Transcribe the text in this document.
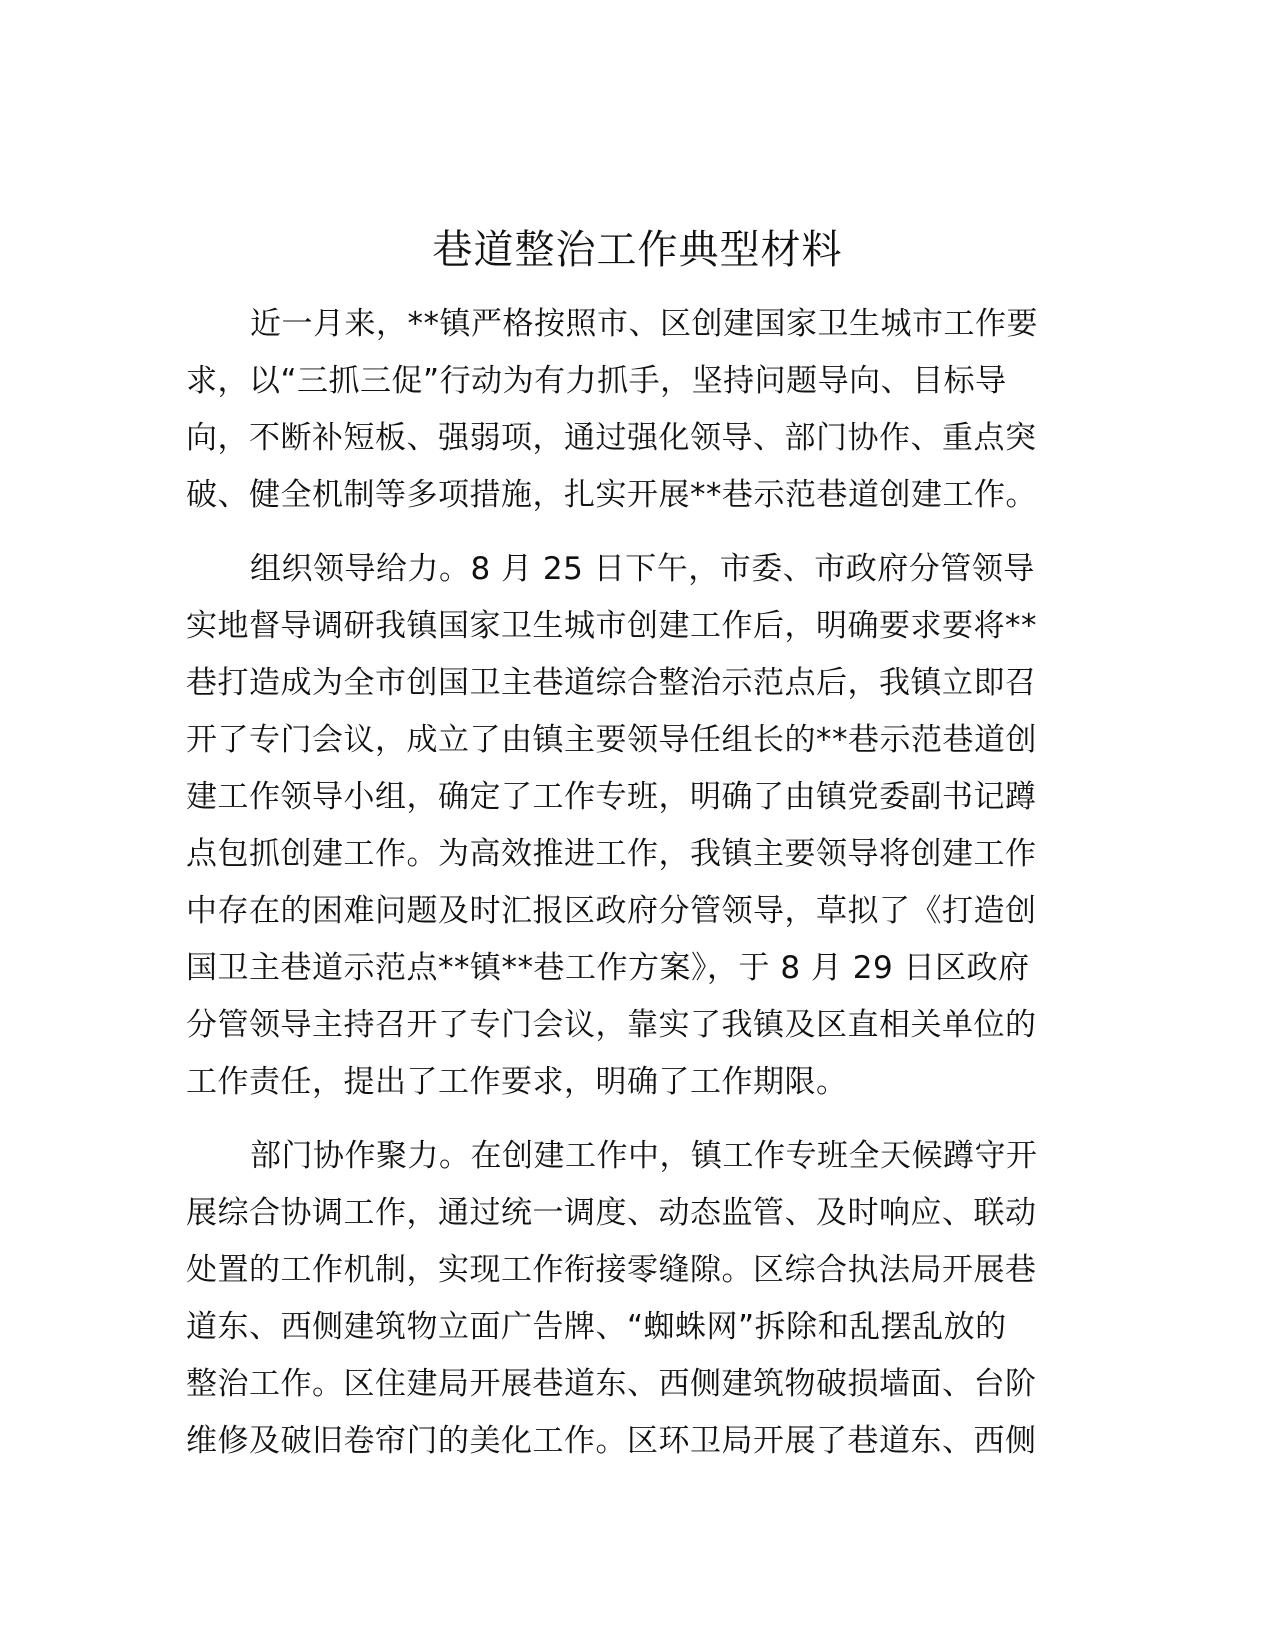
巷道整治工作典型材料
近一月来，**镇严格按照市、区创建国家卫生城市工作要
求，以“三抓三促”行动为有力抓手，坚持问题导向、目标导
向，不断补短板、强弱项，通过强化领导、部门协作、重点突
破、健全机制等多项措施，扎实开展**巷示范巷道创建工作。
组织领导给力。8 月 25 日下午，市委、市政府分管领导
实地督导调研我镇国家卫生城市创建工作后，明确要求要将**
巷打造成为全市创国卫主巷道综合整治示范点后，我镇立即召
开了专门会议，成立了由镇主要领导任组长的**巷示范巷道创
建工作领导小组，确定了工作专班，明确了由镇党委副书记蹲
点包抓创建工作。为高效推进工作，我镇主要领导将创建工作
中存在的困难问题及时汇报区政府分管领导，草拟了《打造创
国卫主巷道示范点**镇**巷工作方案》，于 8 月 29 日区政府
分管领导主持召开了专门会议，靠实了我镇及区直相关单位的
工作责任，提出了工作要求，明确了工作期限。
部门协作聚力。在创建工作中，镇工作专班全天候蹲守开
展综合协调工作，通过统一调度、动态监管、及时响应、联动
处置的工作机制，实现工作衔接零缝隙。区综合执法局开展巷
道东、西侧建筑物立面广告牌、“蜘蛛网”拆除和乱摆乱放的
整治工作。区住建局开展巷道东、西侧建筑物破损墙面、台阶
维修及破旧卷帘门的美化工作。区环卫局开展了巷道东、西侧
